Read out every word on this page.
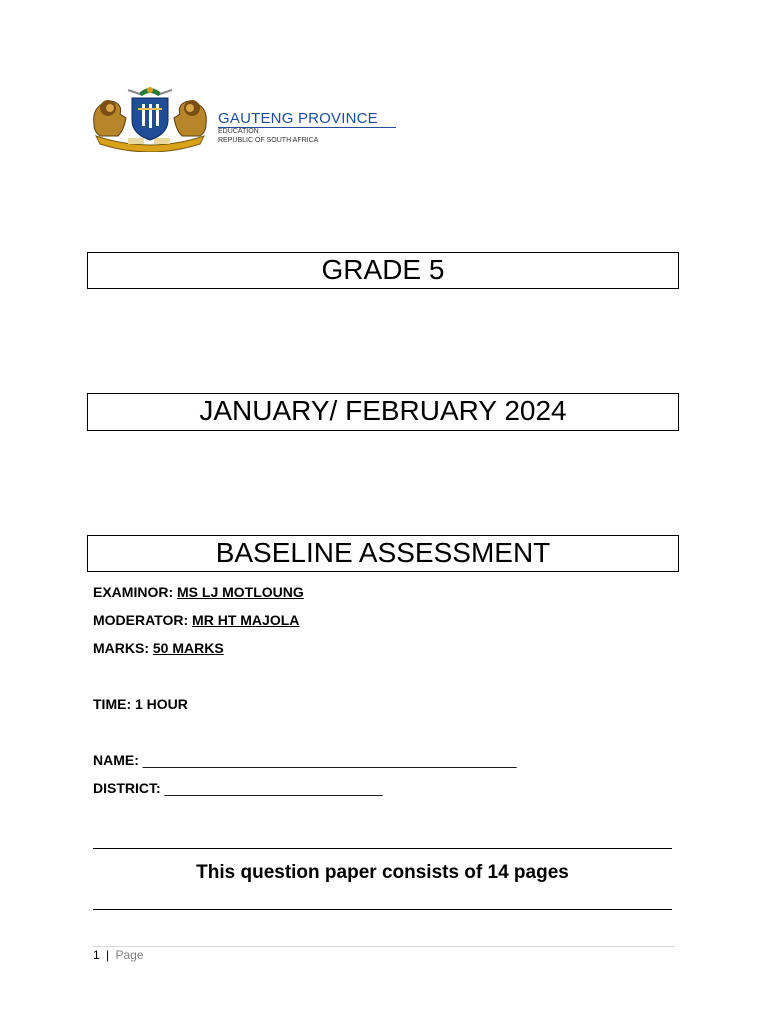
GAUTENG PROVINCE
EDUCATION
REPUBLIC OF SOUTH AFRICA
GRADE 5
JANUARY/ FEBRUARY 2024
BASELINE ASSESSMENT
EXAMINOR: MS LJ MOTLOUNG
MODERATOR: MR HT MAJOLA
MARKS: 50 MARKS
TIME: 1 HOUR
NAME: ________________________________________________
DISTRICT: ____________________________
This question paper consists of 14 pages
1 | Page
